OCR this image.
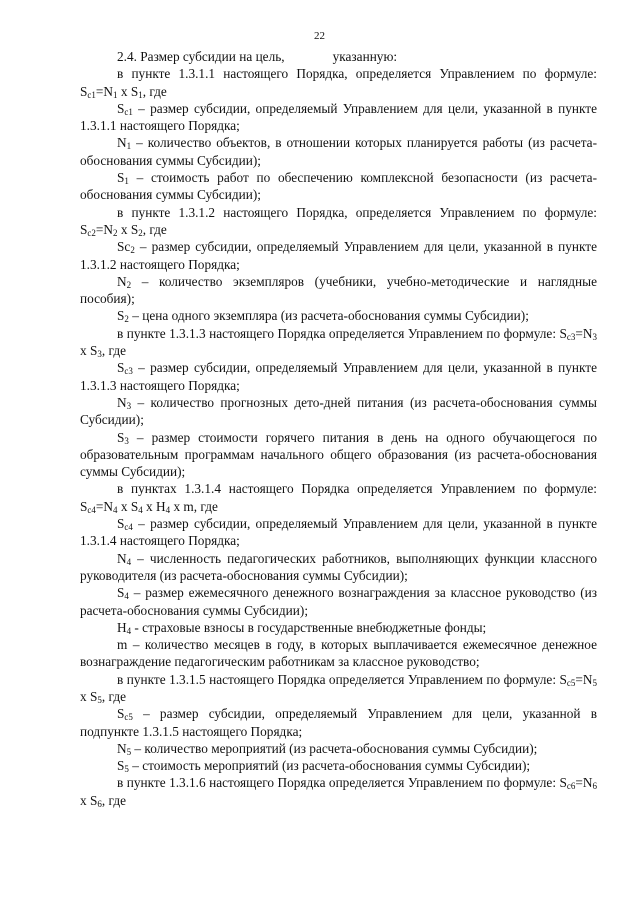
22

2.4. Размер субсидии на цель,	указанную:

в пункте 1.3.1.1 настоящего Порядка, определяется Управлением по формуле: $S_{с1}=N_1$ x $S_1$, где

$S_{с1}$ – размер субсидии, определяемый Управлением для цели, указанной в пункте 1.3.1.1 настоящего Порядка;

$N_1$ – количество объектов, в отношении которых планируется работы (из расчета-обоснования суммы Субсидии);

$S_1$ – стоимость работ по обеспечению комплексной безопасности (из расчета-обоснования суммы Субсидии);

в пункте 1.3.1.2 настоящего Порядка, определяется Управлением по формуле: $S_{с2}=N_2$ x $S_2$, где

$Sc_2$ – размер субсидии, определяемый Управлением для цели, указанной в пункте 1.3.1.2 настоящего Порядка;

$N_2$ – количество экземпляров (учебники, учебно-методические и наглядные пособия);

$S_2$ – цена одного экземпляра (из расчета-обоснования суммы Субсидии);

в пункте 1.3.1.3 настоящего Порядка определяется Управлением по формуле: $S_{с3}=N_3$ x $S_3$, где

$S_{с3}$ – размер субсидии, определяемый Управлением для цели, указанной в пункте 1.3.1.3 настоящего Порядка;

$N_3$ – количество прогнозных дето-дней питания (из расчета-обоснования суммы Субсидии);

$S_3$ – размер стоимости горячего питания в день на одного обучающегося по образовательным программам начального общего образования (из расчета-обоснования суммы Субсидии);

в пунктах 1.3.1.4 настоящего Порядка определяется Управлением по формуле: $S_{с4}=N_4$ x $S_4$ x $H_4$ x m, где

$S_{с4}$ – размер субсидии, определяемый Управлением для цели, указанной в пункте 1.3.1.4 настоящего Порядка;

$N_4$ – численность педагогических работников, выполняющих функции классного руководителя (из расчета-обоснования суммы Субсидии);

$S_4$ – размер ежемесячного денежного вознаграждения за классное руководство (из расчета-обоснования суммы Субсидии);

$H_4$ - страховые взносы в государственные внебюджетные фонды;

m – количество месяцев в году, в которых выплачивается ежемесячное денежное вознаграждение педагогическим работникам за классное руководство;

в пункте 1.3.1.5 настоящего Порядка определяется Управлением по формуле: $S_{с5}=N_5$ x $S_5$, где

$S_{с5}$ – размер субсидии, определяемый Управлением для цели, указанной в подпункте 1.3.1.5 настоящего Порядка;

$N_5$ – количество мероприятий (из расчета-обоснования суммы Субсидии);

$S_5$ – стоимость мероприятий (из расчета-обоснования суммы Субсидии);

в пункте 1.3.1.6 настоящего Порядка определяется Управлением по формуле: $S_{с6}=N_6$ x $S_6$, где
